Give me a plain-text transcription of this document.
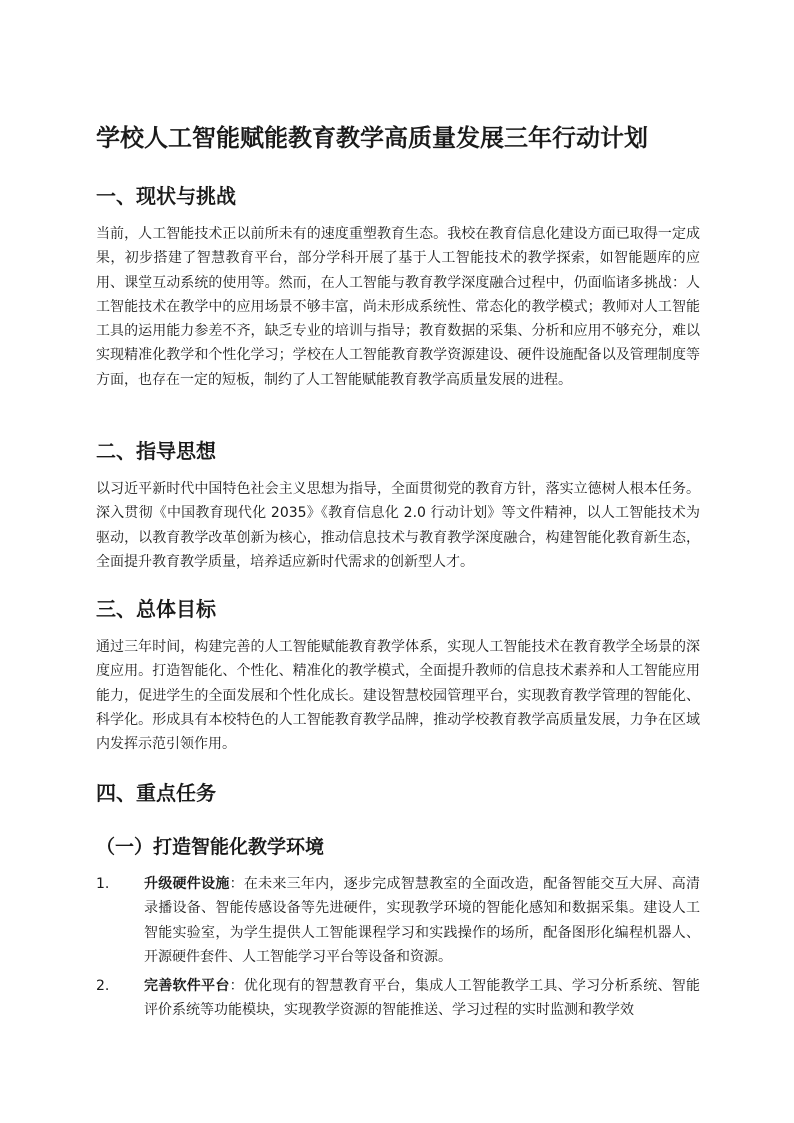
学校人工智能赋能教育教学高质量发展三年行动计划
一、现状与挑战

当前，人工智能技术正以前所未有的速度重塑教育生态。我校在教育信息化建设方面已取得一定成果，初步搭建了智慧教育平台，部分学科开展了基于人工智能技术的教学探索，如智能题库的应用、课堂互动系统的使用等。然而，在人工智能与教育教学深度融合过程中，仍面临诸多挑战：人工智能技术在教学中的应用场景不够丰富，尚未形成系统性、常态化的教学模式；教师对人工智能工具的运用能力参差不齐，缺乏专业的培训与指导；教育数据的采集、分析和应用不够充分，难以实现精准化教学和个性化学习；学校在人工智能教育教学资源建设、硬件设施配备以及管理制度等方面，也存在一定的短板，制约了人工智能赋能教育教学高质量发展的进程。

二、指导思想

以习近平新时代中国特色社会主义思想为指导，全面贯彻党的教育方针，落实立德树人根本任务。深入贯彻《中国教育现代化 2035》《教育信息化 2.0 行动计划》等文件精神，以人工智能技术为驱动，以教育教学改革创新为核心，推动信息技术与教育教学深度融合，构建智能化教育新生态，全面提升教育教学质量，培养适应新时代需求的创新型人才。

三、总体目标

通过三年时间，构建完善的人工智能赋能教育教学体系，实现人工智能技术在教育教学全场景的深度应用。打造智能化、个性化、精准化的教学模式，全面提升教师的信息技术素养和人工智能应用能力，促进学生的全面发展和个性化成长。建设智慧校园管理平台，实现教育教学管理的智能化、科学化。形成具有本校特色的人工智能教育教学品牌，推动学校教育教学高质量发展，力争在区域内发挥示范引领作用。

四、重点任务
（一）打造智能化教学环境
1.	升级硬件设施：在未来三年内，逐步完成智慧教室的全面改造，配备智能交互大屏、高清录播设备、智能传感设备等先进硬件，实现教学环境的智能化感知和数据采集。建设人工智能实验室，为学生提供人工智能课程学习和实践操作的场所，配备图形化编程机器人、开源硬件套件、人工智能学习平台等设备和资源。
2.	完善软件平台：优化现有的智慧教育平台，集成人工智能教学工具、学习分析系统、智能评价系统等功能模块，实现教学资源的智能推送、学习过程的实时监测和教学效
